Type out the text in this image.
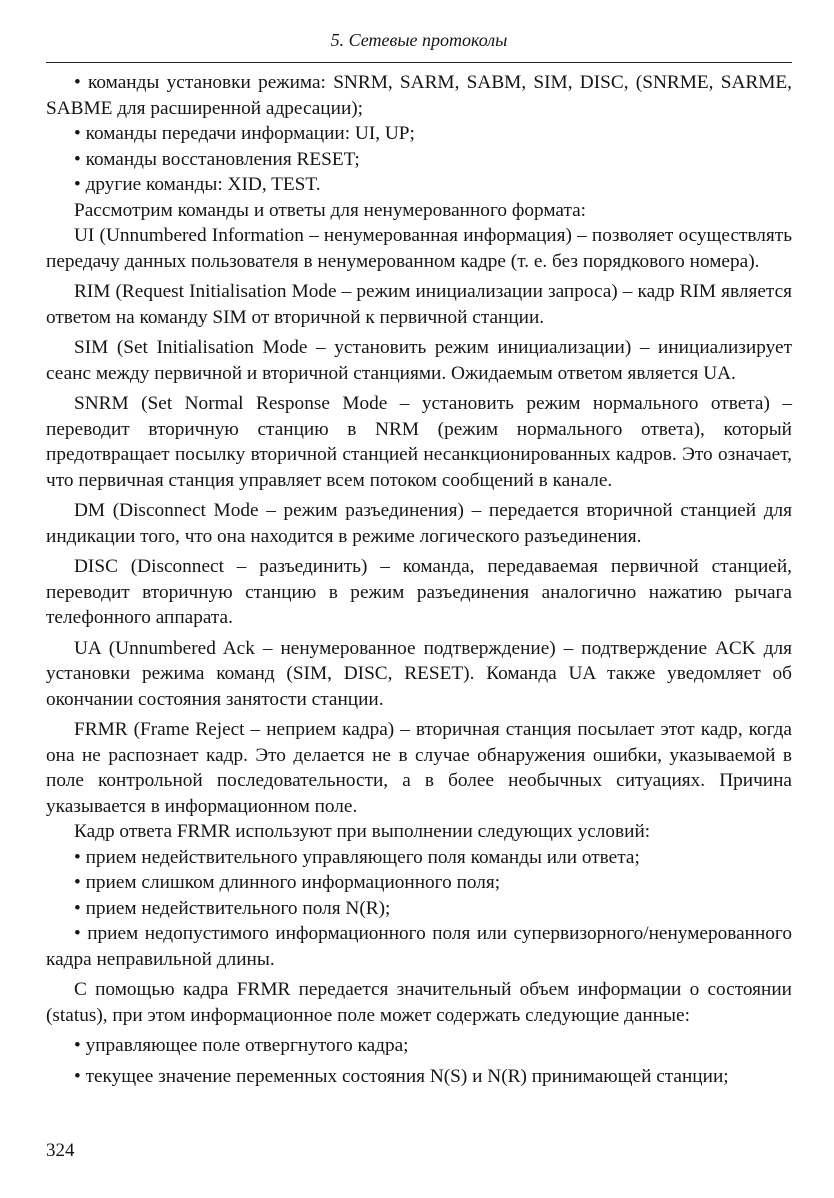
5. Сетевые протоколы

• команды установки режима: SNRM, SARM, SABM, SIM, DISC, (SNRME, SARME, SABME для расширенной адресации);

• команды передачи информации: UI, UP;

• команды восстановления RESET;

• другие команды: XID, TEST.

Рассмотрим команды и ответы для ненумерованного формата:

UI (Unnumbered Information – ненумерованная информация) – позволяет осуществлять передачу данных пользователя в ненумерованном кадре (т. е. без порядкового номера).

RIM (Request Initialisation Mode – режим инициализации запроса) – кадр RIM является ответом на команду SIM от вторичной к первичной станции.

SIM (Set Initialisation Mode – установить режим инициализации) – инициализирует сеанс между первичной и вторичной станциями. Ожидаемым ответом является UA.

SNRM (Set Normal Response Mode – установить режим нормального ответа) – переводит вторичную станцию в NRM (режим нормального ответа), который предотвращает посылку вторичной станцией несанкционированных кадров. Это означает, что первичная станция управляет всем потоком сообщений в канале.

DM (Disconnect Mode – режим разъединения) – передается вторичной станцией для индикации того, что она находится в режиме логического разъединения.

DISC (Disconnect – разъединить) – команда, передаваемая первичной станцией, переводит вторичную станцию в режим разъединения аналогично нажатию рычага телефонного аппарата.

UA (Unnumbered Ack – ненумерованное подтверждение) – подтверждение ACK для установки режима команд (SIM, DISC, RESET). Команда UA также уведомляет об окончании состояния занятости станции.

FRMR (Frame Reject – неприем кадра) – вторичная станция посылает этот кадр, когда она не распознает кадр. Это делается не в случае обнаружения ошибки, указываемой в поле контрольной последовательности, а в более необычных ситуациях. Причина указывается в информационном поле.

Кадр ответа FRMR используют при выполнении следующих условий:

• прием недействительного управляющего поля команды или ответа;

• прием слишком длинного информационного поля;

• прием недействительного поля N(R);

• прием недопустимого информационного поля или супервизорного/ненумерованного кадра неправильной длины.

С помощью кадра FRMR передается значительный объем информации о состоянии (status), при этом информационное поле может содержать следующие данные:

• управляющее поле отвергнутого кадра;

• текущее значение переменных состояния N(S) и N(R) принимающей станции;

324
